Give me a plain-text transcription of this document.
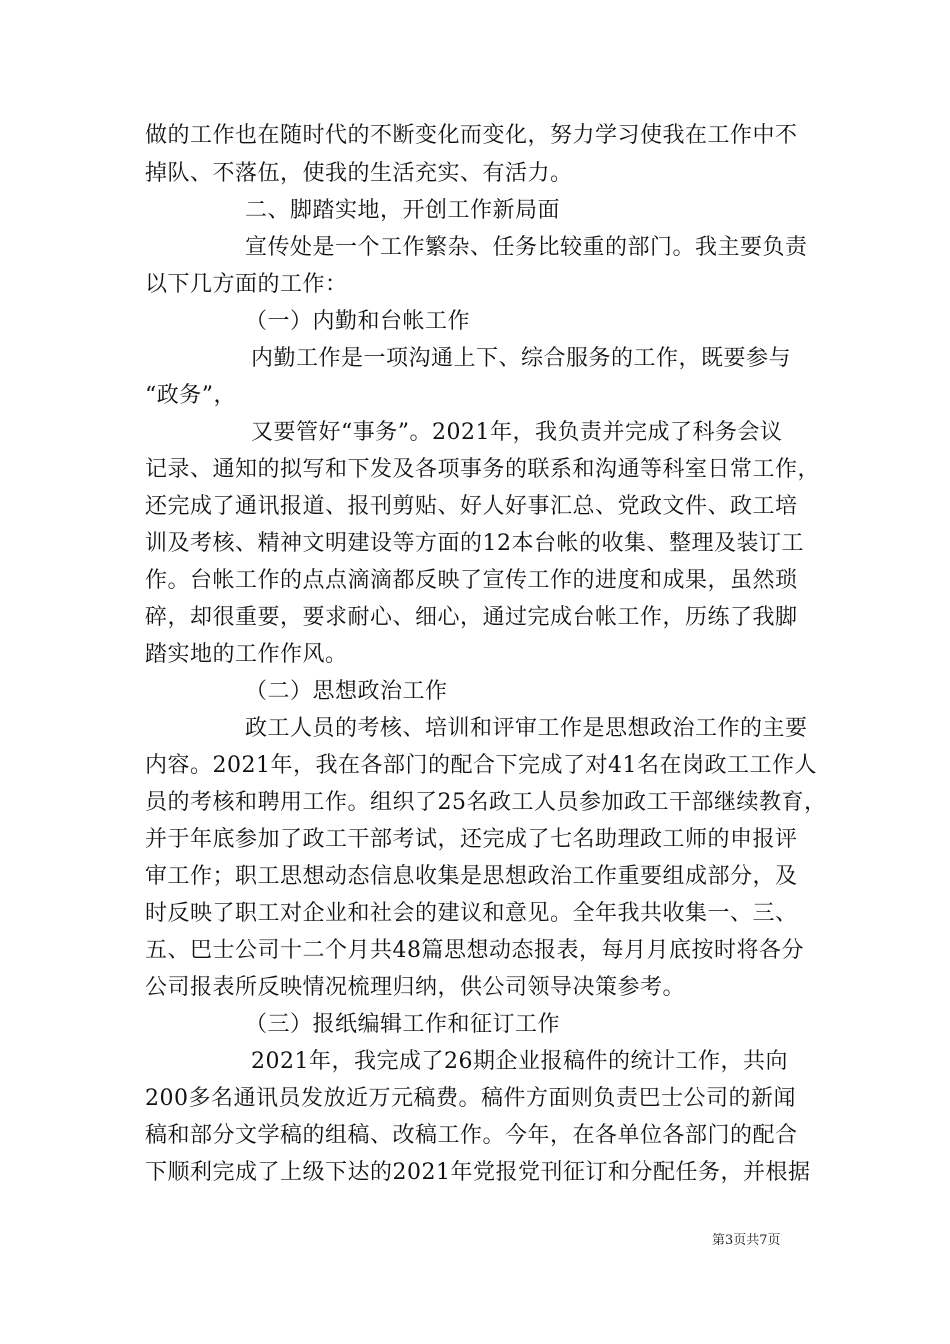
做的工作也在随时代的不断变化而变化，努力学习使我在工作中不
掉队、不落伍，使我的生活充实、有活力。
二、脚踏实地，开创工作新局面
宣传处是一个工作繁杂、任务比较重的部门。我主要负责
以下几方面的工作：
（一）内勤和台帐工作
内勤工作是一项沟通上下、综合服务的工作，既要参与
“政务”，
又要管好“事务”。2021年，我负责并完成了科务会议
记录、通知的拟写和下发及各项事务的联系和沟通等科室日常工作，
还完成了通讯报道、报刊剪贴、好人好事汇总、党政文件、政工培
训及考核、精神文明建设等方面的12本台帐的收集、整理及装订工
作。台帐工作的点点滴滴都反映了宣传工作的进度和成果，虽然琐
碎，却很重要，要求耐心、细心，通过完成台帐工作，历练了我脚
踏实地的工作作风。
（二）思想政治工作
政工人员的考核、培训和评审工作是思想政治工作的主要
内容。2021年，我在各部门的配合下完成了对41名在岗政工工作人
员的考核和聘用工作。组织了25名政工人员参加政工干部继续教育，
并于年底参加了政工干部考试，还完成了七名助理政工师的申报评
审工作；职工思想动态信息收集是思想政治工作重要组成部分，及
时反映了职工对企业和社会的建议和意见。全年我共收集一、三、
五、巴士公司十二个月共48篇思想动态报表，每月月底按时将各分
公司报表所反映情况梳理归纳，供公司领导决策参考。
（三）报纸编辑工作和征订工作
2021年，我完成了26期企业报稿件的统计工作，共向
200多名通讯员发放近万元稿费。稿件方面则负责巴士公司的新闻
稿和部分文学稿的组稿、改稿工作。今年，在各单位各部门的配合
下顺利完成了上级下达的2021年党报党刊征订和分配任务，并根据
第3页共7页
